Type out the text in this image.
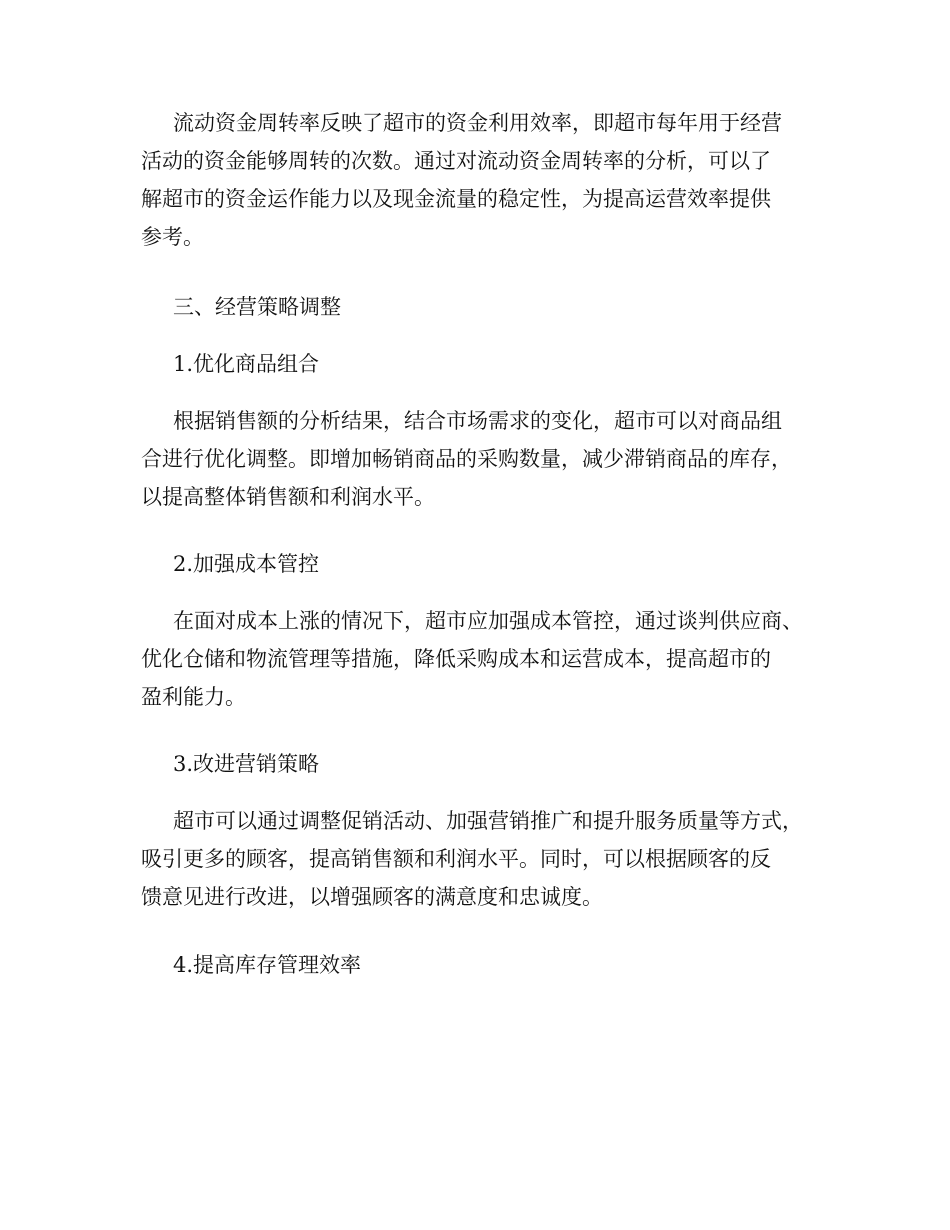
流动资金周转率反映了超市的资金利用效率，即超市每年用于经营
活动的资金能够周转的次数。通过对流动资金周转率的分析，可以了
解超市的资金运作能力以及现金流量的稳定性，为提高运营效率提供
参考。
三、经营策略调整
1.优化商品组合
根据销售额的分析结果，结合市场需求的变化，超市可以对商品组
合进行优化调整。即增加畅销商品的采购数量，减少滞销商品的库存，
以提高整体销售额和利润水平。
2.加强成本管控
在面对成本上涨的情况下，超市应加强成本管控，通过谈判供应商、
优化仓储和物流管理等措施，降低采购成本和运营成本，提高超市的
盈利能力。
3.改进营销策略
超市可以通过调整促销活动、加强营销推广和提升服务质量等方式，
吸引更多的顾客，提高销售额和利润水平。同时，可以根据顾客的反
馈意见进行改进，以增强顾客的满意度和忠诚度。
4.提高库存管理效率
